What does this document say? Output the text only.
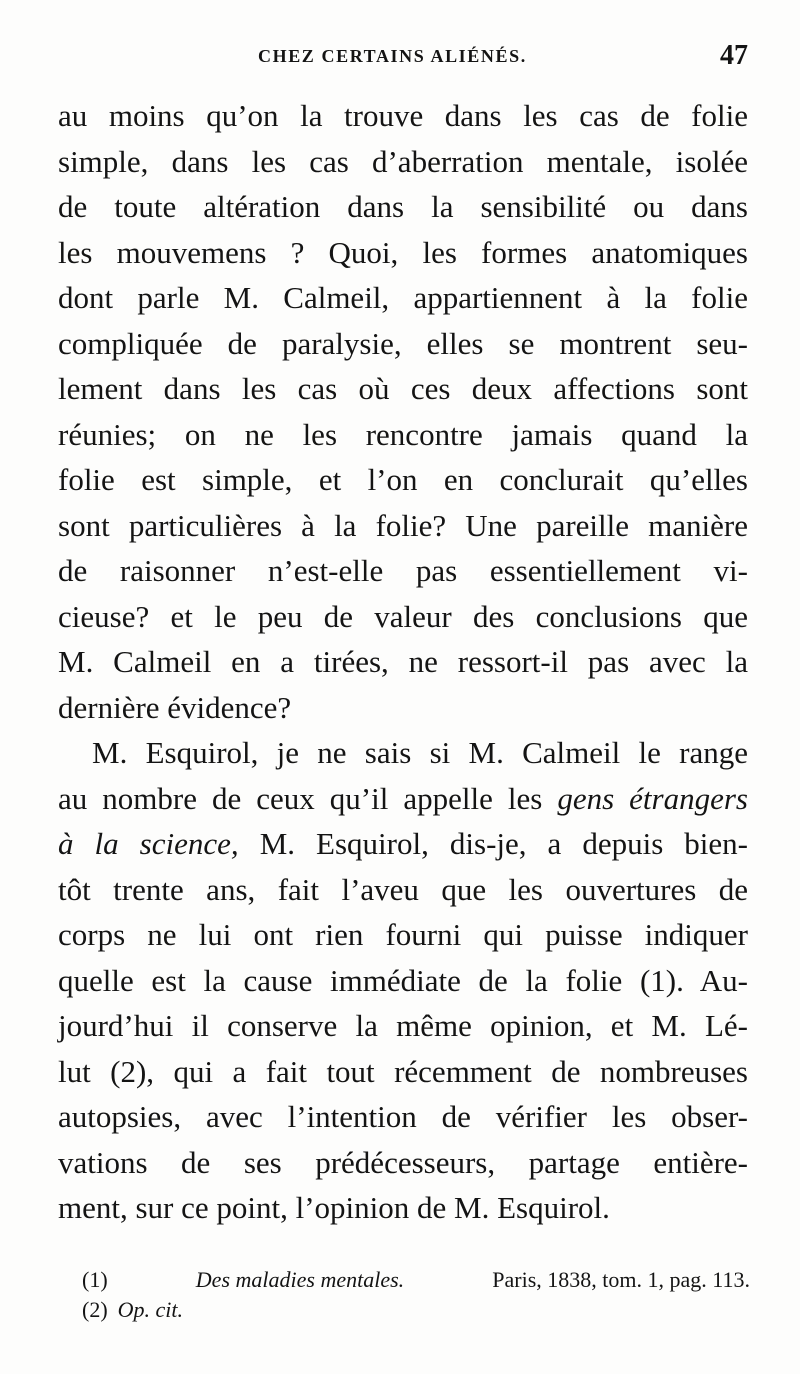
CHEZ CERTAINS ALIÉNÉS.	47
au moins qu’on la trouve dans les cas de folie
simple, dans les cas d’aberration mentale, isolée
de toute altération dans la sensibilité ou dans
les mouvemens ? Quoi, les formes anatomiques
dont parle M. Calmeil, appartiennent à la folie
compliquée de paralysie, elles se montrent seu-
lement dans les cas où ces deux affections sont
réunies; on ne les rencontre jamais quand la
folie est simple, et l’on en conclurait qu’elles
sont particulières à la folie? Une pareille manière
de raisonner n’est-elle pas essentiellement vi-
cieuse? et le peu de valeur des conclusions que
M. Calmeil en a tirées, ne ressort-il pas avec la
dernière évidence?
M. Esquirol, je ne sais si M. Calmeil le range
au nombre de ceux qu’il appelle les gens étrangers
à la science, M. Esquirol, dis-je, a depuis bien-
tôt trente ans, fait l’aveu que les ouvertures de
corps ne lui ont rien fourni qui puisse indiquer
quelle est la cause immédiate de la folie (1). Au-
jourd’hui il conserve la même opinion, et M. Lé-
lut (2), qui a fait tout récemment de nombreuses
autopsies, avec l’intention de vérifier les obser-
vations de ses prédécesseurs, partage entière-
ment, sur ce point, l’opinion de M. Esquirol.
(1)	Des maladies mentales.	Paris, 1838, tom. 1, pag. 113.
(2) Op. cit.
